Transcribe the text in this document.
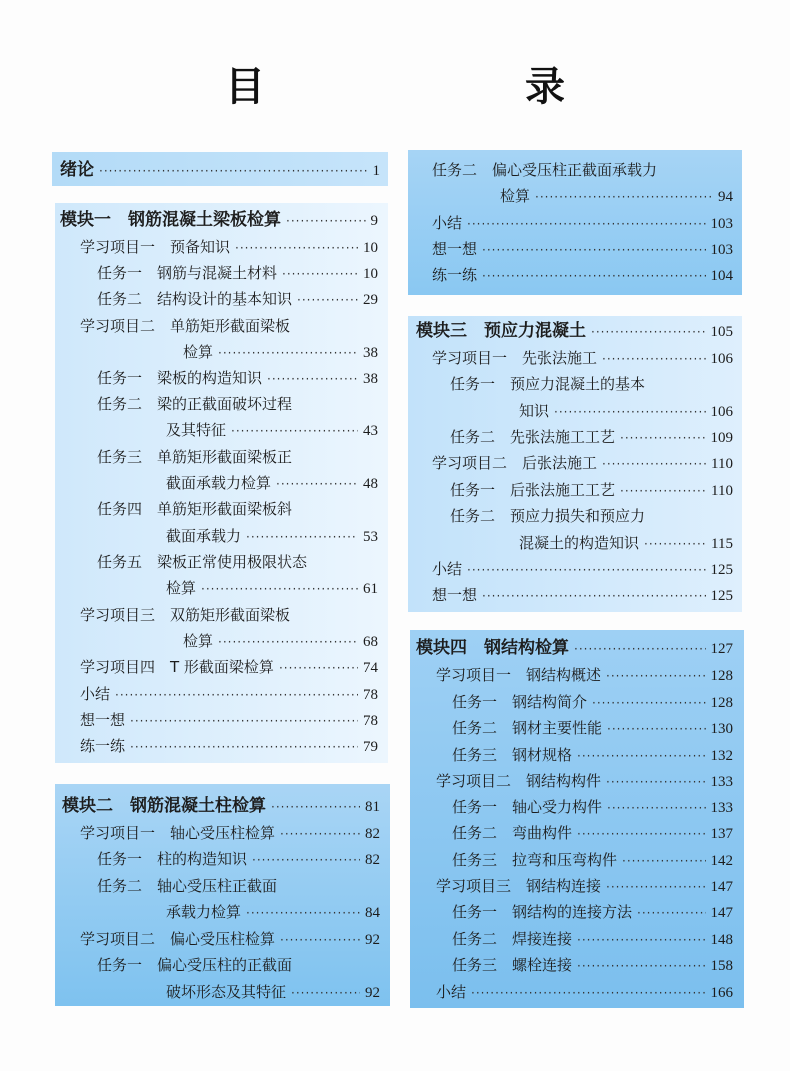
目　　录
绪论 ·····	1
模块一　钢筋混凝土梁板检算 ·····	9
学习项目一　预备知识 ·····	10
任务一　钢筋与混凝土材料 ·····	10
任务二　结构设计的基本知识 ·····	29
学习项目二　单筋矩形截面梁板
检算 ·····	38
任务一　梁板的构造知识 ·····	38
任务二　梁的正截面破坏过程
及其特征 ·····	43
任务三　单筋矩形截面梁板正
截面承载力检算 ·····	48
任务四　单筋矩形截面梁板斜
截面承载力 ·····	53
任务五　梁板正常使用极限状态
检算 ·····	61
学习项目三　双筋矩形截面梁板
检算 ·····	68
学习项目四　T 形截面梁检算 ·····	74
小结 ·····	78
想一想 ·····	78
练一练 ·····	79
模块二　钢筋混凝土柱检算 ·····	81
学习项目一　轴心受压柱检算 ·····	82
任务一　柱的构造知识 ·····	82
任务二　轴心受压柱正截面
承载力检算 ·····	84
学习项目二　偏心受压柱检算 ·····	92
任务一　偏心受压柱的正截面
破坏形态及其特征 ·····	92
任务二　偏心受压柱正截面承载力
检算 ·····	94
小结 ·····	103
想一想 ·····	103
练一练 ·····	104
模块三　预应力混凝土 ·····	105
学习项目一　先张法施工 ·····	106
任务一　预应力混凝土的基本
知识 ·····	106
任务二　先张法施工工艺 ·····	109
学习项目二　后张法施工 ·····	110
任务一　后张法施工工艺 ·····	110
任务二　预应力损失和预应力
混凝土的构造知识 ·····	115
小结 ·····	125
想一想 ·····	125
模块四　钢结构检算 ·····	127
学习项目一　钢结构概述 ·····	128
任务一　钢结构简介 ·····	128
任务二　钢材主要性能 ·····	130
任务三　钢材规格 ·····	132
学习项目二　钢结构构件 ·····	133
任务一　轴心受力构件 ·····	133
任务二　弯曲构件 ·····	137
任务三　拉弯和压弯构件 ·····	142
学习项目三　钢结构连接 ·····	147
任务一　钢结构的连接方法 ·····	147
任务二　焊接连接 ·····	148
任务三　螺栓连接 ·····	158
小结 ·····	166
